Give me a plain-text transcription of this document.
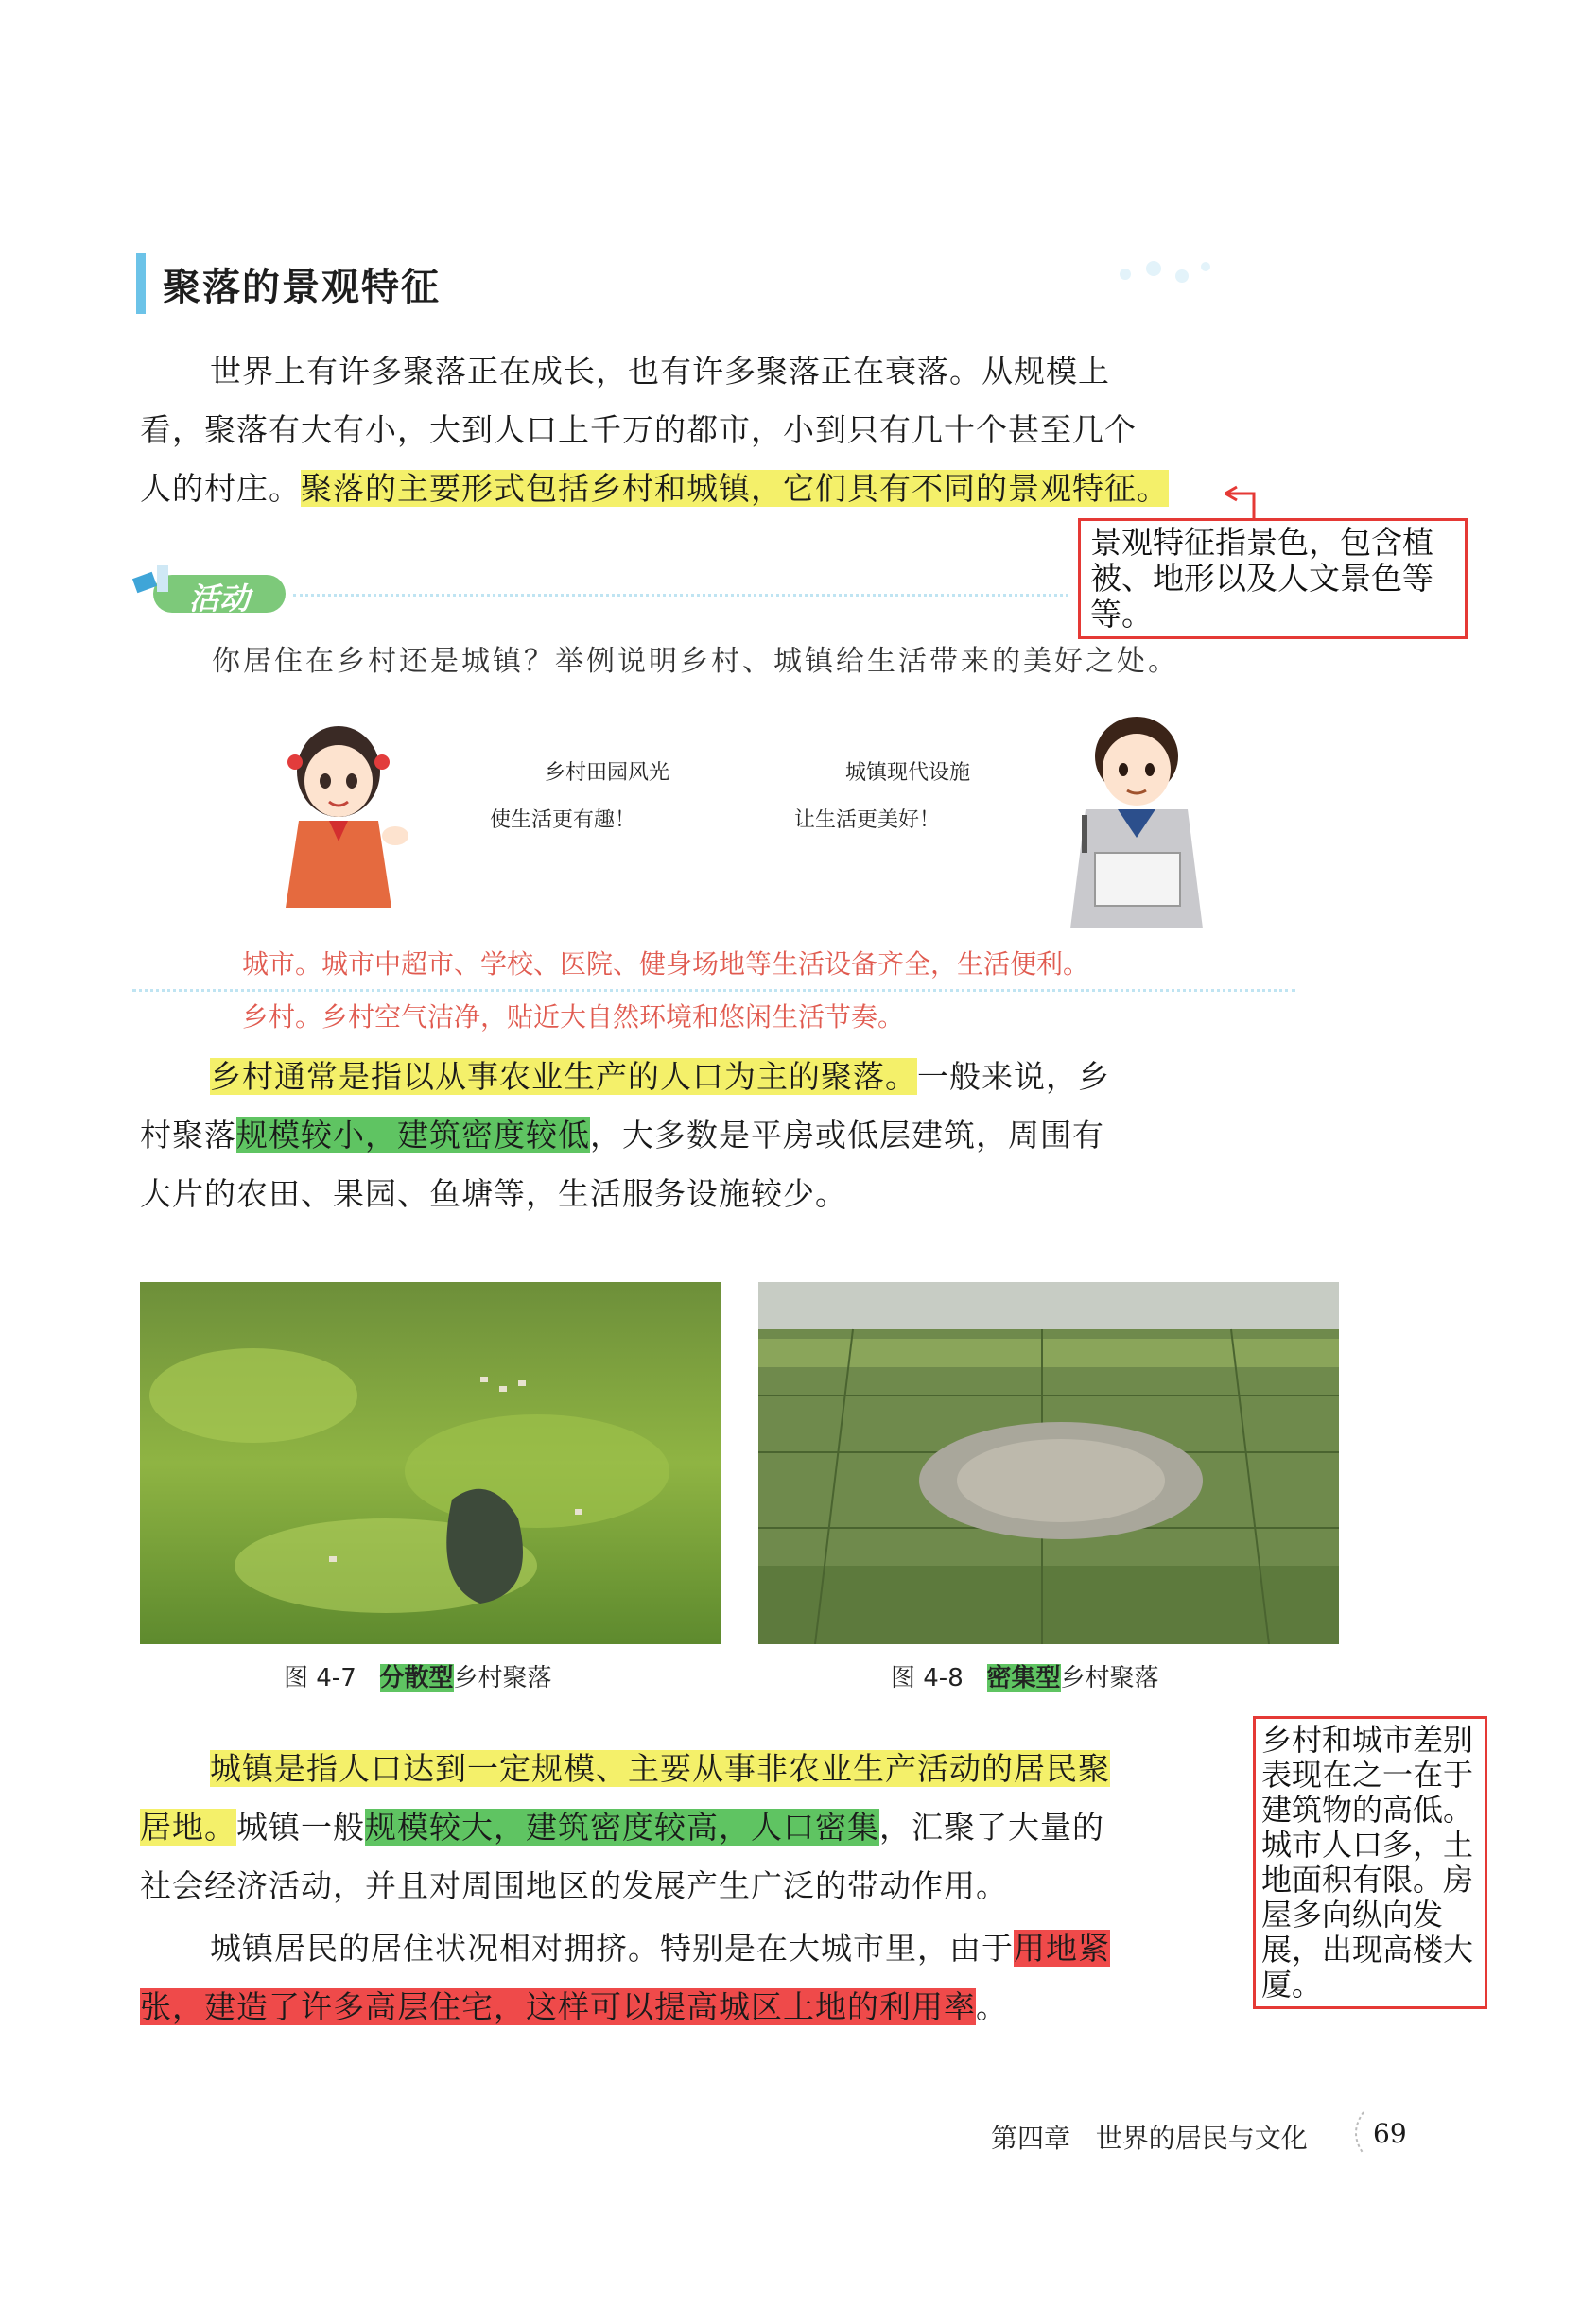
聚落的景观特征
世界上有许多聚落正在成长，也有许多聚落正在衰落。从规模上
看，聚落有大有小，大到人口上千万的都市，小到只有几十个甚至几个
人的村庄。聚落的主要形式包括乡村和城镇，它们具有不同的景观特征。
景观特征指景色，包含植被、地形以及人文景色等等。
活动
你居住在乡村还是城镇？举例说明乡村、城镇给生活带来的美好之处。
乡村田园风光
使生活更有趣！
城镇现代设施
让生活更美好！
城市。城市中超市、学校、医院、健身场地等生活设备齐全，生活便利。
乡村。乡村空气洁净，贴近大自然环境和悠闲生活节奏。
乡村通常是指以从事农业生产的人口为主的聚落。一般来说，乡
村聚落规模较小，建筑密度较低，大多数是平房或低层建筑，周围有
大片的农田、果园、鱼塘等，生活服务设施较少。
图 4-7 分散型乡村聚落	图 4-8 密集型乡村聚落
城镇是指人口达到一定规模、主要从事非农业生产活动的居民聚
居地。城镇一般规模较大，建筑密度较高，人口密集，汇聚了大量的
社会经济活动，并且对周围地区的发展产生广泛的带动作用。
城镇居民的居住状况相对拥挤。特别是在大城市里，由于用地紧
张，建造了许多高层住宅，这样可以提高城区土地的利用率。
乡村和城市差别表现在之一在于建筑物的高低。城市人口多，土地面积有限。房屋多向纵向发展，出现高楼大厦。
第四章 世界的居民与文化 69
